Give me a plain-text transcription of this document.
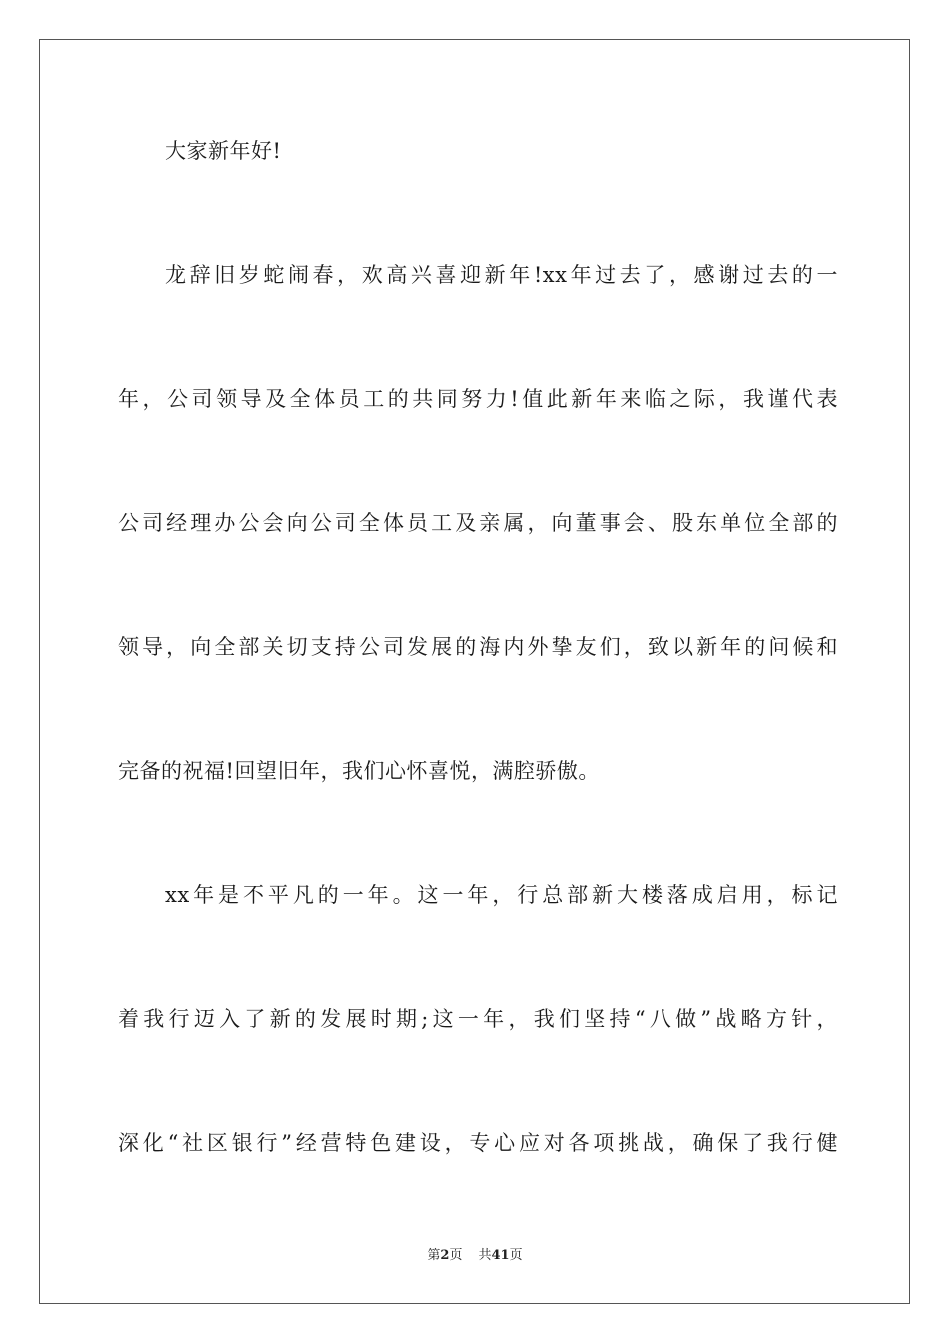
大家新年好!
龙辞旧岁蛇闹春，欢高兴喜迎新年!xx年过去了，感谢过去的一
年，公司领导及全体员工的共同努力!值此新年来临之际，我谨代表
公司经理办公会向公司全体员工及亲属，向董事会、股东单位全部的
领导，向全部关切支持公司发展的海内外挚友们，致以新年的问候和
完备的祝福!回望旧年，我们心怀喜悦，满腔骄傲。
xx年是不平凡的一年。这一年，行总部新大楼落成启用，标记
着我行迈入了新的发展时期;这一年，我们坚持“八做”战略方针，
深化“社区银行”经营特色建设，专心应对各项挑战，确保了我行健
第2页 共41页
